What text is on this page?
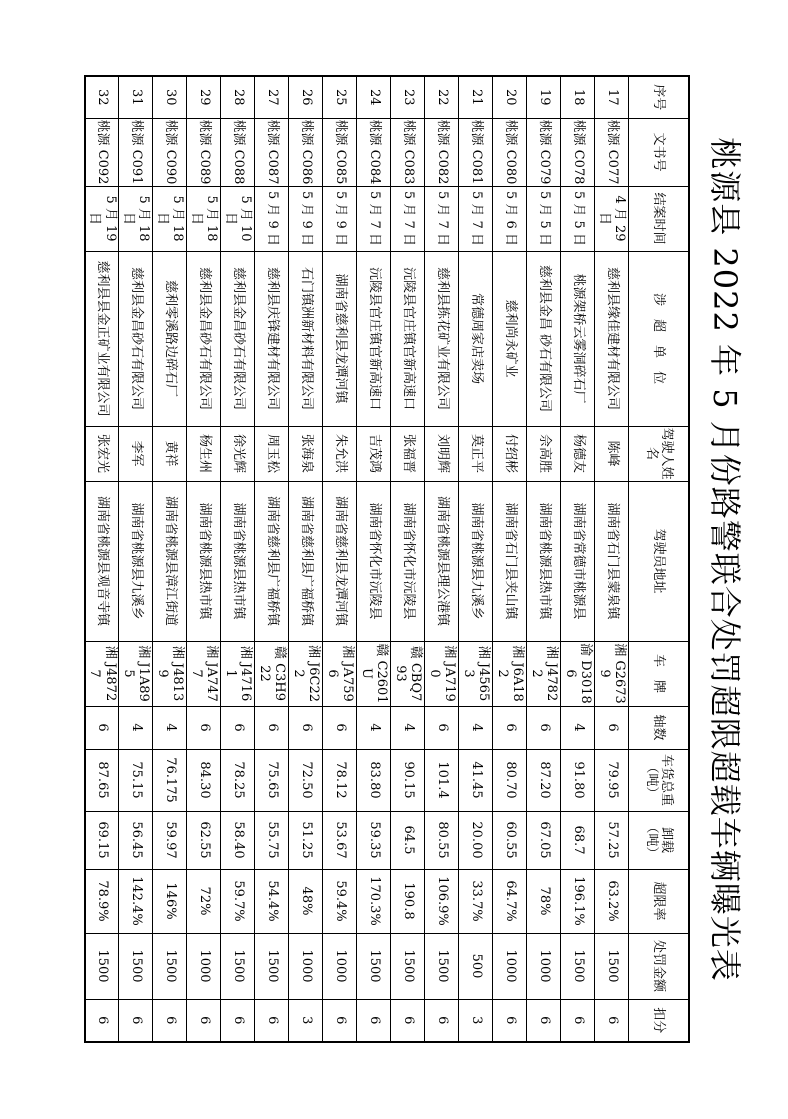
桃源县 2022 年 5 月份路警联合处罚超限超载车辆曝光表
序号	文书号	结案时间	涉　超　单　位	驾驶人姓名	驾驶员地址	车　牌	轴数	车货总重（吨）	卸载（吨）	超限率	处罚金额	扣分
17	桃源 C077	4 月 29 日	慈利县缘佳建材有限公司	陈峰	湖南省石门县蒙泉镇	湘 G26739	6	79.95	57.25	63.2%	1500	6
18	桃源 C078	5 月 5 日	桃源架桥云雾洞碎石厂	杨德友	湖南省常德市桃源县	渝 D30186	4	91.80	68.7	196.1%	1500	6
19	桃源 C079	5 月 5 日	慈利县金昌 砂石有限公司	佘高胜	湖南省桃源县热市镇	湘 J47822	6	87.20	67.05	78%	1000	6
20	桃源 C080	5 月 6 日	慈利尚永矿业	付绍彬	湖南省石门县夹山镇	湘 J6A182	6	80.70	60.55	64.7%	1000	6
21	桃源 C081	5 月 7 日	常德周家店卖场	莫正平	湖南省桃源县九溪乡	湘 J45653	4	41.45	20.00	33.7%	500	3
22	桃源 C082	5 月 7 日	慈利县拣花矿业有限公司	刘明辉	湖南省桃源县理公港镇	湘 JA7190	6	101.4	80.55	106.9%	1500	6
23	桃源 C083	5 月 7 日	沅陵县官庄镇官新高速口	张福晋	湖南省怀化市沅陵县	赣 CBQ793	4	90.15	64.5	190.8	1500	6
24	桃源 C084	5 月 7 日	沅陵县官庄镇官新高速口	吉茂鸿	湖南省怀化市沅陵县	赣 C2601U	4	83.80	59.35	170.3%	1500	6
25	桃源 C085	5 月 9 日	湖南省慈利县龙潭河镇	朱允洪	湖南省慈利县龙潭河镇	湘 JA7596	6	78.12	53.67	59.4%	1000	6
26	桃源 C086	5 月 9 日	石门镇洲新材料有限公司	张海泉	湖南省慈利县广福桥镇	湘 J6C222	6	72.50	51.25	48%	1000	3
27	桃源 C087	5 月 9 日	慈利县庆锋建材有限公司	周玉松	湖南省慈利县广福桥镇	赣 C3H922	6	75.65	55.75	54.4%	1500	6
28	桃源 C088	5 月 10 日	慈利县金昌砂石有限公司	徐光辉	湖南省桃源县热市镇	湘 J47161	6	78.25	58.40	59.7%	1500	6
29	桃源 C089	5 月 18 日	慈利县金昌砂石有限公司	杨生州	湖南省桃源县热市镇	湘 JA7477	6	84.30	62.55	72%	1000	6
30	桃源 C090	5 月 18 日	慈利零溪路边碎石厂	黄祥	湖南省桃源县漳江街道	湘 J48139	4	76.175	59.97	146%	1500	6
31	桃源 C091	5 月 18 日	慈利县金昌砂石有限公司	李军	湖南省桃源县九溪乡	湘 J1A895	4	75.15	56.45	142.4%	1500	6
32	桃源 C092	5 月 19 日	慈利县县金正矿业有限公司	张宏光	湖南省桃源县观音寺镇	湘 J48727	6	87.65	69.15	78.9%	1500	6
